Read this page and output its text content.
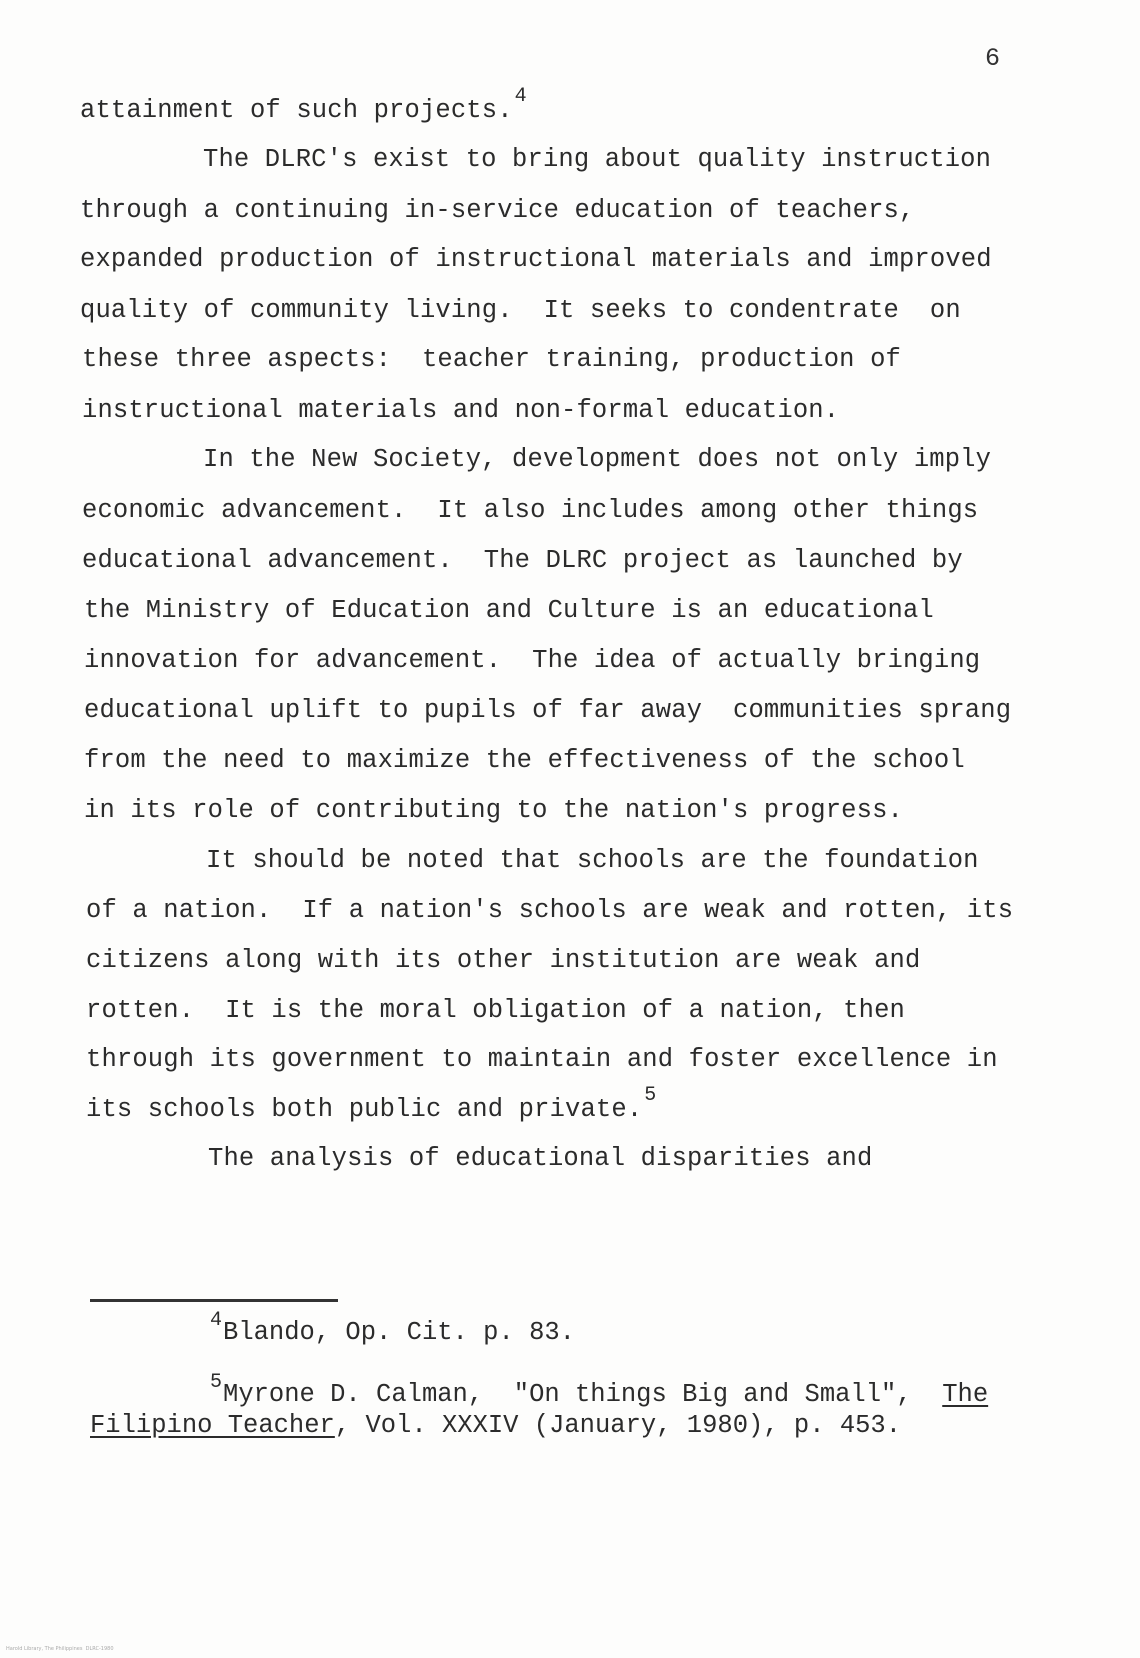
6
attainment of such projects. $^4$
The DLRC's exist to bring about quality instruction
through a continuing in-service education of teachers,
expanded production of instructional materials and improved
quality of community living.  It seeks to condentrate  on
these three aspects:  teacher training, production of
instructional materials and non-formal education.
In the New Society, development does not only imply
economic advancement.  It also includes among other things
educational advancement.  The DLRC project as launched by
the Ministry of Education and Culture is an educational
innovation for advancement.  The idea of actually bringing
educational uplift to pupils of far away  communities sprang
from the need to maximize the effectiveness of the school
in its role of contributing to the nation's progress.
It should be noted that schools are the foundation
of a nation.  If a nation's schools are weak and rotten, its
citizens along with its other institution are weak and
rotten.  It is the moral obligation of a nation, then
through its government to maintain and foster excellence in
its schools both public and private. $^5$
The analysis of educational disparities and
$^4$Blando, Op. Cit. p. 83.
$^5$Myrone D. Calman,  "On things Big and Small",  The
Filipino Teacher, Vol. XXXIV (January, 1980), p. 453.
Harold Library, The Philippines  DLRC-1980
